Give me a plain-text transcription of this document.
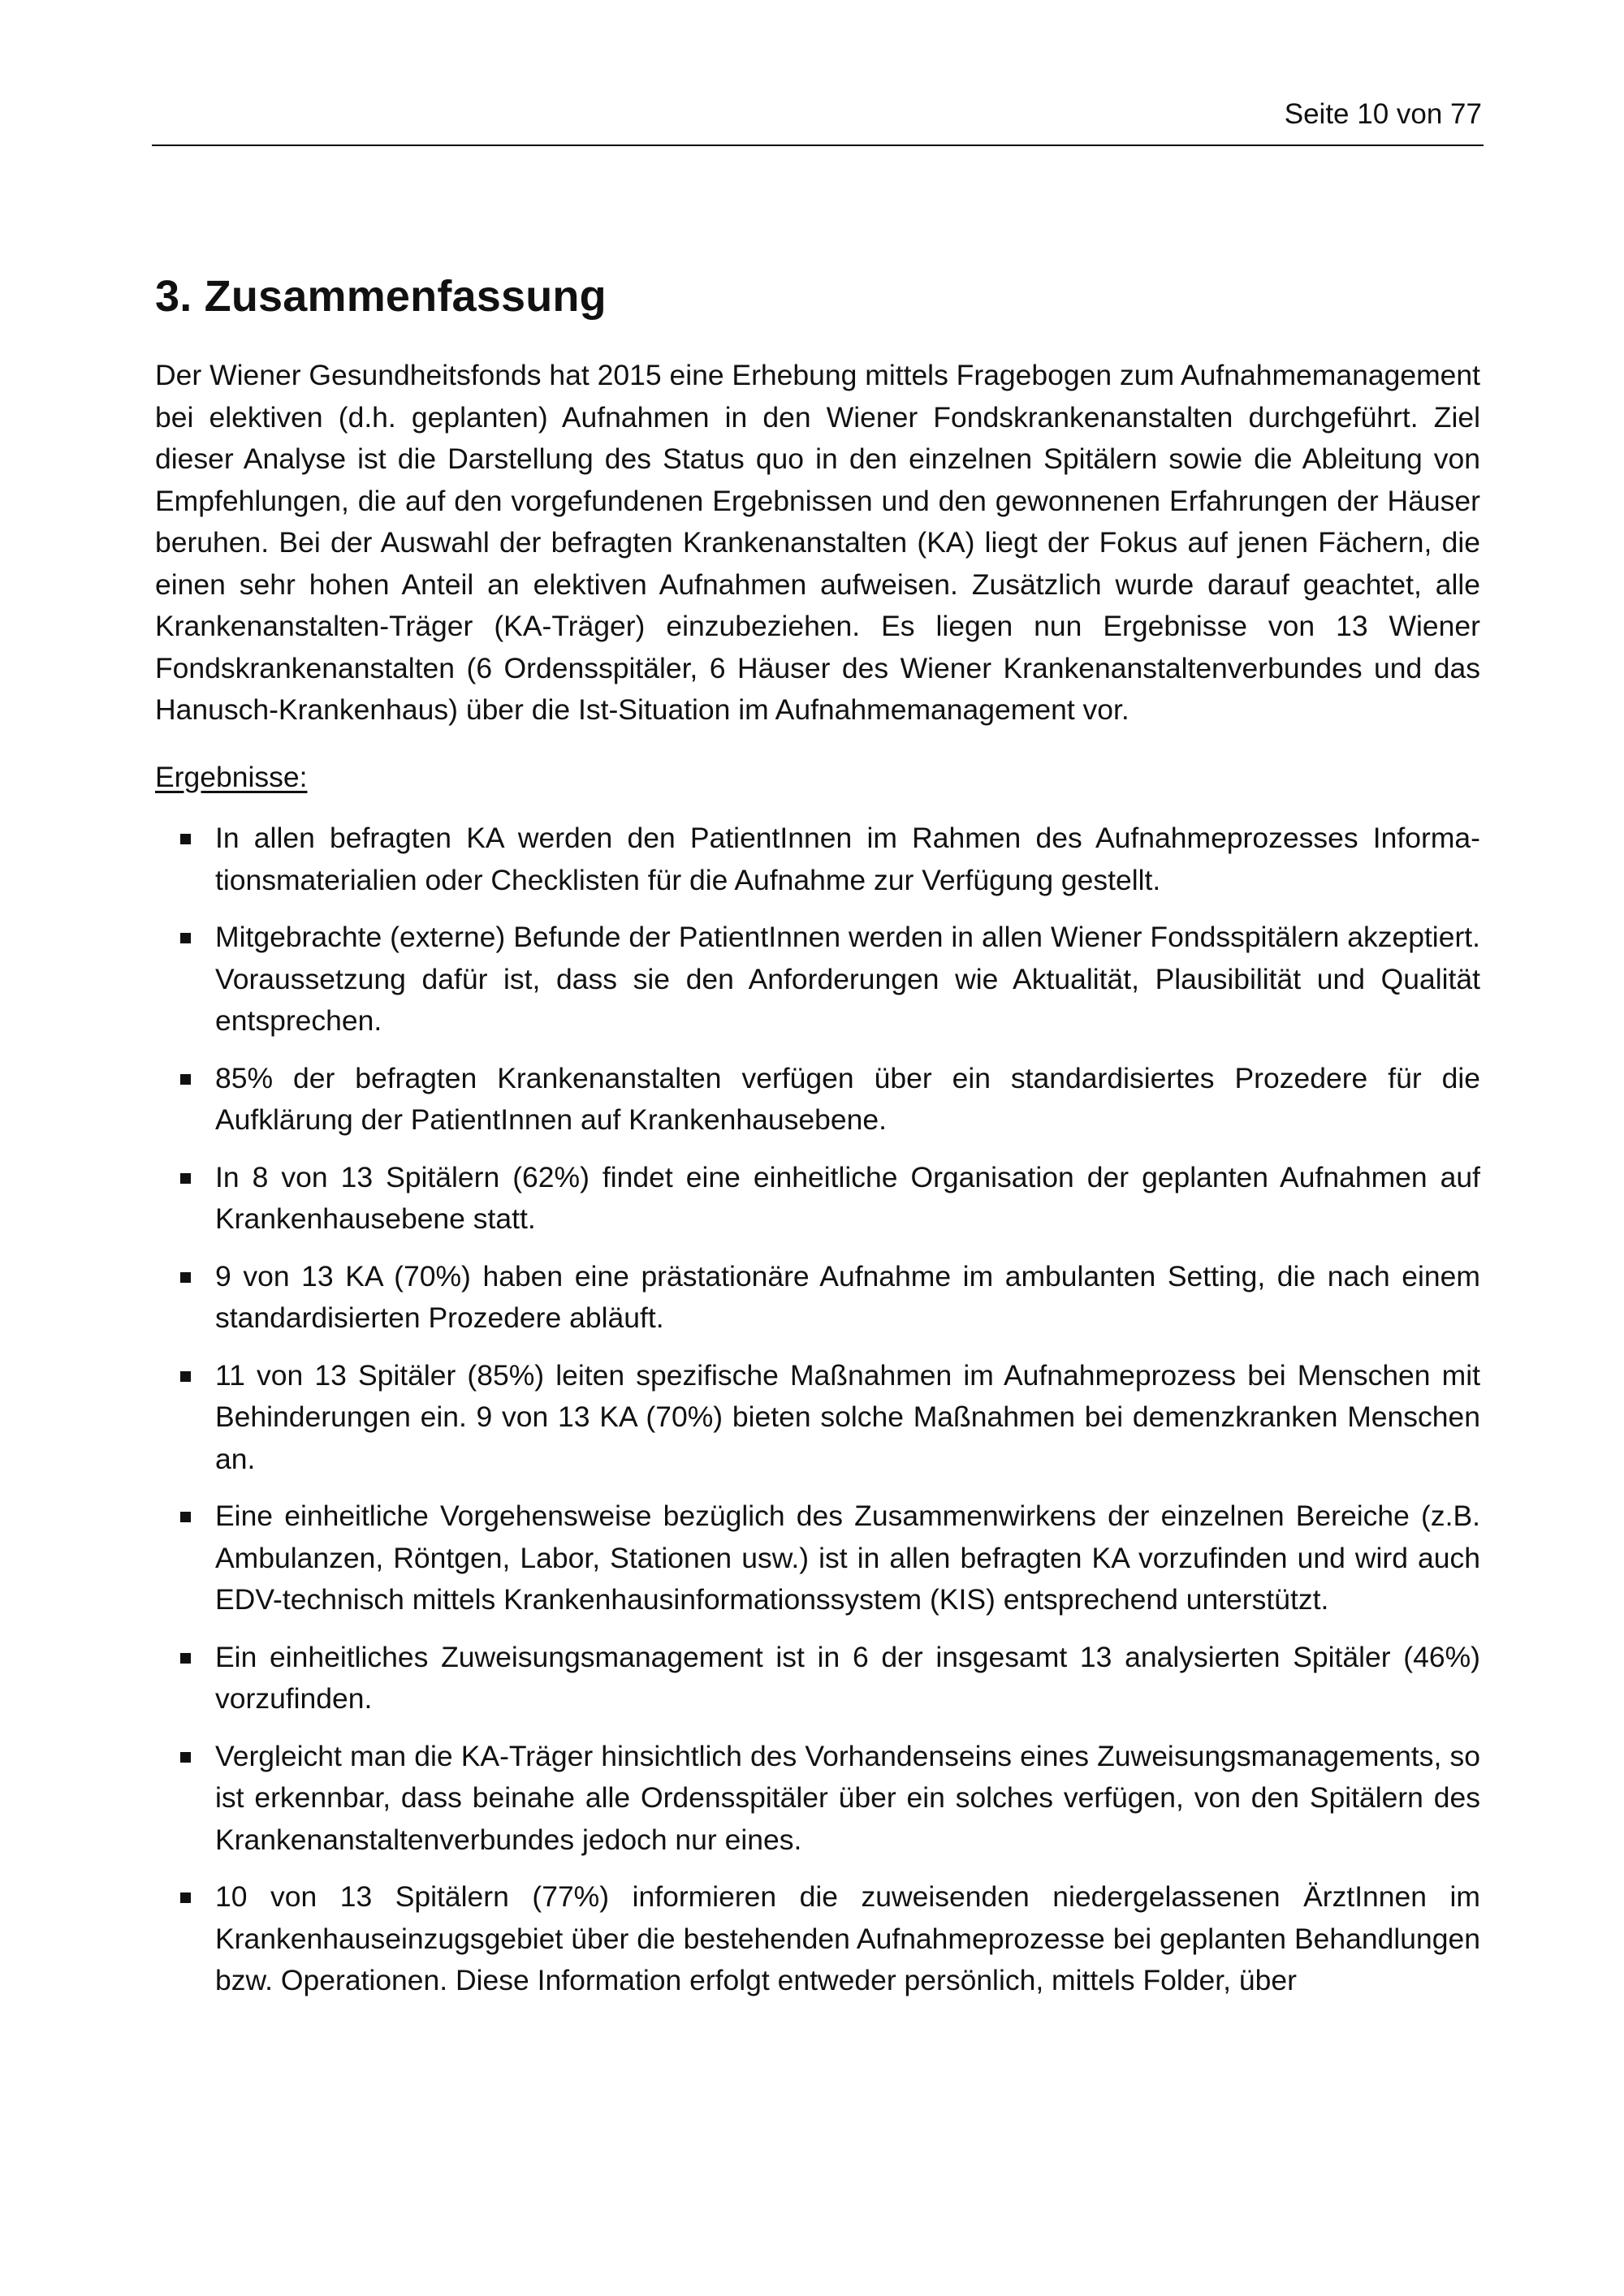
Seite 10 von 77
3. Zusammenfassung

Der Wiener Gesundheitsfonds hat 2015 eine Erhebung mittels Fragebogen zum Aufnahmemanagement bei elektiven (d.h. geplanten) Aufnahmen in den Wiener Fondskrankenanstalten durchgeführt. Ziel dieser Analyse ist die Darstellung des Status quo in den einzelnen Spitälern sowie die Ableitung von Empfehlungen, die auf den vorgefundenen Ergebnissen und den gewonnenen Erfahrungen der Häuser beruhen. Bei der Auswahl der befragten Krankenanstalten (KA) liegt der Fokus auf jenen Fächern, die einen sehr hohen Anteil an elektiven Aufnahmen aufweisen. Zusätzlich wurde darauf geachtet, alle Krankenanstalten-Träger (KA-Träger) einzubeziehen. Es liegen nun Ergebnisse von 13 Wiener Fondskrankenanstalten (6 Ordensspitäler, 6 Häuser des Wiener Krankenanstaltenverbundes und das Hanusch-Krankenhaus) über die Ist-Situation im Aufnahmemanagement vor.

Ergebnisse:
In allen befragten KA werden den PatientInnen im Rahmen des Aufnahmeprozesses Informationsmaterialien oder Checklisten für die Aufnahme zur Verfügung gestellt.
Mitgebrachte (externe) Befunde der PatientInnen werden in allen Wiener Fondsspitälern akzeptiert. Voraussetzung dafür ist, dass sie den Anforderungen wie Aktualität, Plausibilität und Qualität entsprechen.
85% der befragten Krankenanstalten verfügen über ein standardisiertes Prozedere für die Aufklärung der PatientInnen auf Krankenhausebene.
In 8 von 13 Spitälern (62%) findet eine einheitliche Organisation der geplanten Aufnahmen auf Krankenhausebene statt.
9 von 13 KA (70%) haben eine prästationäre Aufnahme im ambulanten Setting, die nach einem standardisierten Prozedere abläuft.
11 von 13 Spitäler (85%) leiten spezifische Maßnahmen im Aufnahmeprozess bei Menschen mit Behinderungen ein. 9 von 13 KA (70%) bieten solche Maßnahmen bei demenzkranken Menschen an.
Eine einheitliche Vorgehensweise bezüglich des Zusammenwirkens der einzelnen Bereiche (z.B. Ambulanzen, Röntgen, Labor, Stationen usw.) ist in allen befragten KA vorzufinden und wird auch EDV-technisch mittels Krankenhausinformationssystem (KIS) entsprechend unterstützt.
Ein einheitliches Zuweisungsmanagement ist in 6 der insgesamt 13 analysierten Spitäler (46%) vorzufinden.
Vergleicht man die KA-Träger hinsichtlich des Vorhandenseins eines Zuweisungsmanagements, so ist erkennbar, dass beinahe alle Ordensspitäler über ein solches verfügen, von den Spitälern des Krankenanstaltenverbundes jedoch nur eines.
10 von 13 Spitälern (77%) informieren die zuweisenden niedergelassenen ÄrztInnen im Krankenhauseinzugsgebiet über die bestehenden Aufnahmeprozesse bei geplanten Behandlungen bzw. Operationen. Diese Information erfolgt entweder persönlich, mittels Folder, über
